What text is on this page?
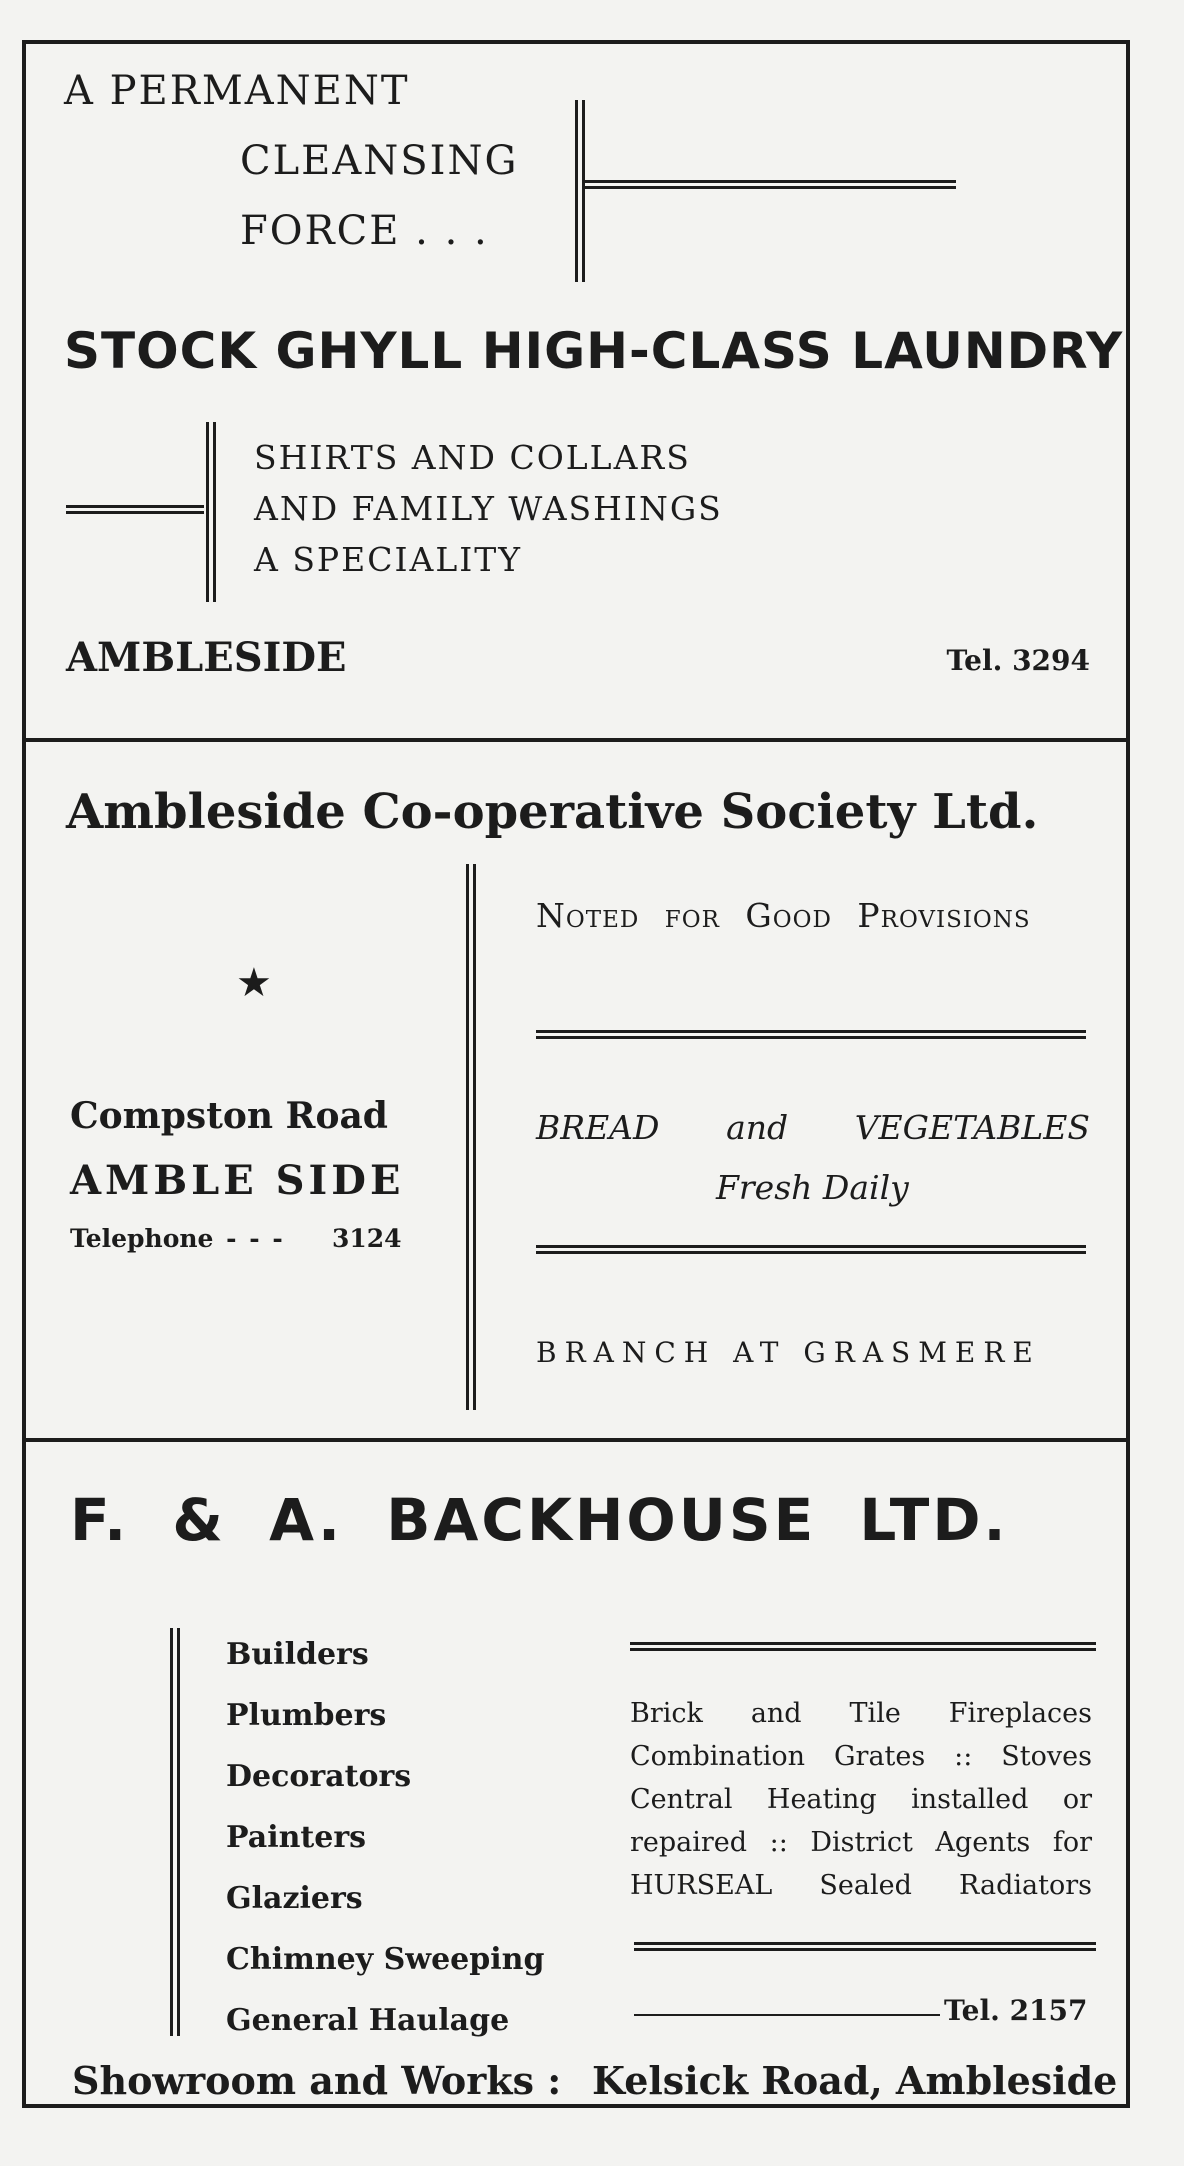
A PERMANENT
CLEANSING
FORCE . . .
STOCK GHYLL HIGH-CLASS LAUNDRY
SHIRTS AND COLLARS
AND FAMILY WASHINGS
A SPECIALITY
AMBLESIDE	Tel. 3294
Ambleside Co-operative Society Ltd.
★
Compston Road
AMBLE SIDE
Telephone - - - 3124
Noted for Good Provisions
BREAD and VEGETABLES
Fresh Daily
BRANCH AT GRASMERE
F. & A. BACKHOUSE LTD.
Builders
Plumbers
Decorators
Painters
Glaziers
Chimney Sweeping
General Haulage
Brick and Tile Fireplaces
Combination Grates :: Stoves
Central Heating installed or
repaired :: District Agents for
HURSEAL Sealed Radiators
Tel. 2157
Showroom and Works : Kelsick Road, Ambleside
